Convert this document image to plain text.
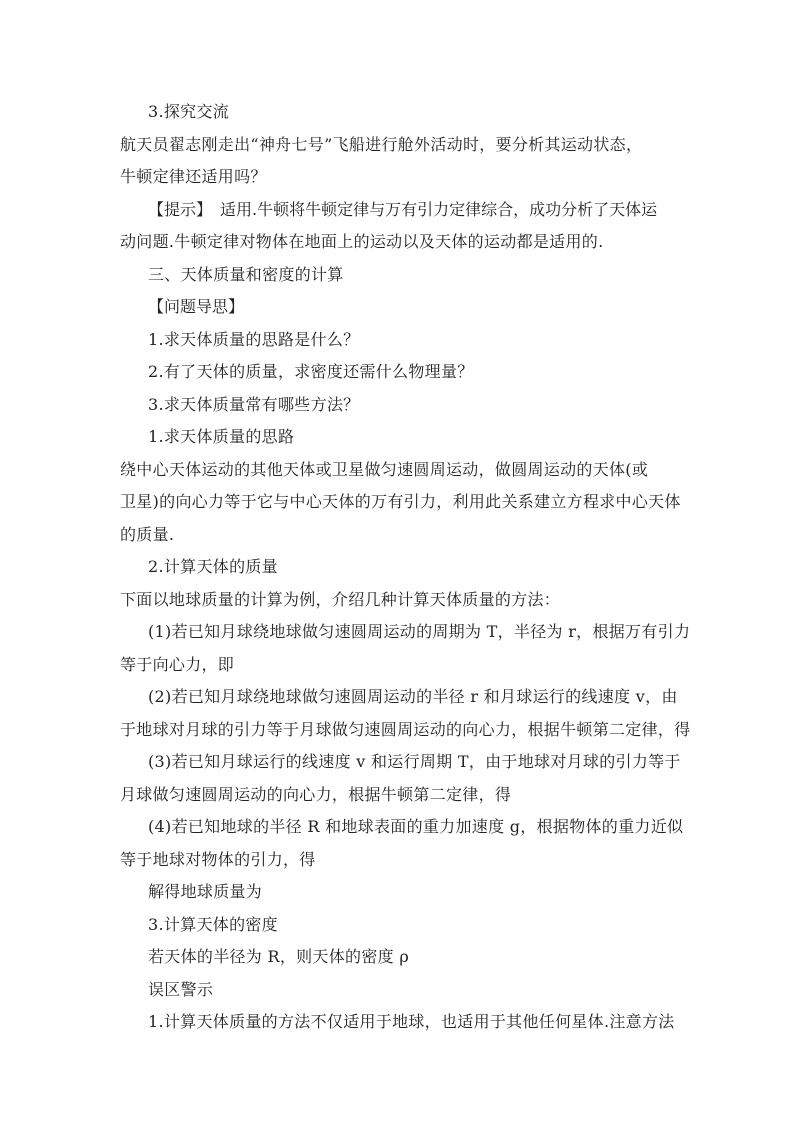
3.探究交流
航天员翟志刚走出“神舟七号”飞船进行舱外活动时，要分析其运动状态，
牛顿定律还适用吗？
【提示】　适用.牛顿将牛顿定律与万有引力定律综合，成功分析了天体运
动问题.牛顿定律对物体在地面上的运动以及天体的运动都是适用的.
三、天体质量和密度的计算
【问题导思】
1.求天体质量的思路是什么？
2.有了天体的质量，求密度还需什么物理量？
3.求天体质量常有哪些方法？
1.求天体质量的思路
绕中心天体运动的其他天体或卫星做匀速圆周运动，做圆周运动的天体(或
卫星)的向心力等于它与中心天体的万有引力，利用此关系建立方程求中心天体
的质量.
2.计算天体的质量
下面以地球质量的计算为例，介绍几种计算天体质量的方法：
(1)若已知月球绕地球做匀速圆周运动的周期为 T，半径为 r，根据万有引力
等于向心力，即
(2)若已知月球绕地球做匀速圆周运动的半径 r 和月球运行的线速度 v，由
于地球对月球的引力等于月球做匀速圆周运动的向心力，根据牛顿第二定律，得
(3)若已知月球运行的线速度 v 和运行周期 T，由于地球对月球的引力等于
月球做匀速圆周运动的向心力，根据牛顿第二定律，得
(4)若已知地球的半径 R 和地球表面的重力加速度 g，根据物体的重力近似
等于地球对物体的引力，得
解得地球质量为
3.计算天体的密度
若天体的半径为 R，则天体的密度 ρ
误区警示
1.计算天体质量的方法不仅适用于地球，也适用于其他任何星体.注意方法
